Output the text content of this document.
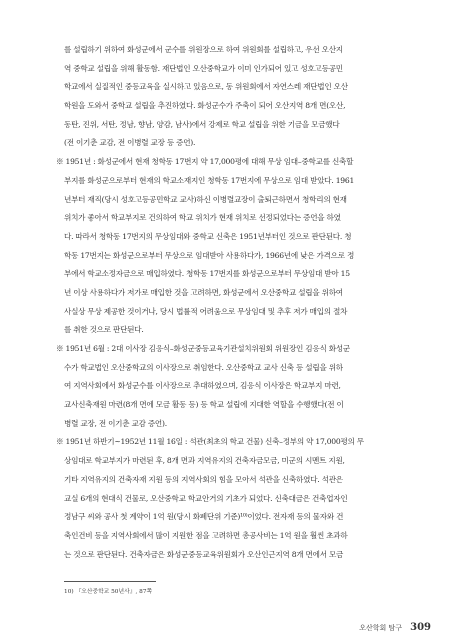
를 설립하기 위하여 화성군에서 군수를 위원장으로 하여 위원회를 설립하고, 우선 오산지
역 중학교 설립을 위해 활동함. 재단법인 오산중학교가 이미 인가되어 있고 성호고등공민
학교에서 실질적인 중등교육을 실시하고 있음으로, 동 위원회에서 자연스레 재단법인 오산
학원을 도와서 중학교 설립을 추진하였다. 화성군수가 주축이 되어 오산지역 8개 면(오산,
동탄, 진위, 서탄, 정남, 향남, 양감, 남사)에서 강제로 학교 설립을 위한 기금을 모금했다
(전 이기춘 교감, 전 이병렬 교장 등 증언).
※ 1951년 : 화성군에서 현재 청학동 17번지 약 17,000평에 대해 무상 임대–중학교를 신축할
부지를 화성군으로부터 현재의 학교소재지인 청학동 17번지에 무상으로 임대 받았다. 1961
년부터 재직(당시 성호고등공민학교 교사)하신 이병렬교장이 출퇴근하면서 청학리의 현재
위치가 좋아서 학교부지로 건의하여 학교 위치가 현재 위치로 선정되었다는 증언을 하였
다. 따라서 청학동 17번지의 무상임대와 중학교 신축은 1951년부터인 것으로 판단된다. 청
학동 17번지는 화성군으로부터 무상으로 임대받아 사용하다가, 1966년에 낮은 가격으로 정
부에서 학교소정자금으로 매입하였다. 청학동 17번지를 화성군으로부터 무상임대 받아 15
년 이상 사용하다가 저가로 매입한 것을 고려하면, 화성군에서 오산중학교 설립을 위하여
사실상 무상 제공한 것이거나, 당시 법률적 어려움으로 무상임대 및 추후 저가 매입의 절차
를 취한 것으로 판단된다.
※ 1951년 6월 : 2대 이사장 김응식–화성군중등교육기관설치위원회 위원장인 김응식 화성군
수가 학교법인 오산중학교의 이사장으로 취임한다. 오산중학교 교사 신축 등 설립을 위하
여 지역사회에서 화성군수를 이사장으로 추대하였으며, 김응식 이사장은 학교부지 마련,
교사신축재원 마련(8개 면에 모금 활동 등) 등 학교 설립에 지대한 역할을 수행했다(전 이
병렬 교장, 전 이기춘 교감 증언).
※ 1951년 하반기~1952년 11월 16일 : 석관(최초의 학교 건물) 신축–정부의 약 17,000평의 무
상임대로 학교부지가 마련된 후, 8개 면과 지역유지의 건축자금모금, 미군의 시멘트 지원,
기타 지역유지의 건축자재 지원 등의 지역사회의 힘을 모아서 석관을 신축하였다. 석관은
교실 6개의 현대식 건물로, 오산중학교 학교안거의 기초가 되었다. 신축대금은 건축업자인
정남구 씨와 공사 첫 계약이 1억 원(당시 화폐단위 기준)¹⁰⁾이었다. 전자재 등의 물자와 건
축인건비 등을 지역사회에서 많이 지원한 점을 고려하면 총공사비는 1억 원을 훨씬 초과하
는 것으로 판단된다. 건축자금은 화성군중등교육위원회가 오산인근지역 8개 면에서 모금
10) 『오산중학교 50년사』, 87쪽
오산학회 탐구 309
